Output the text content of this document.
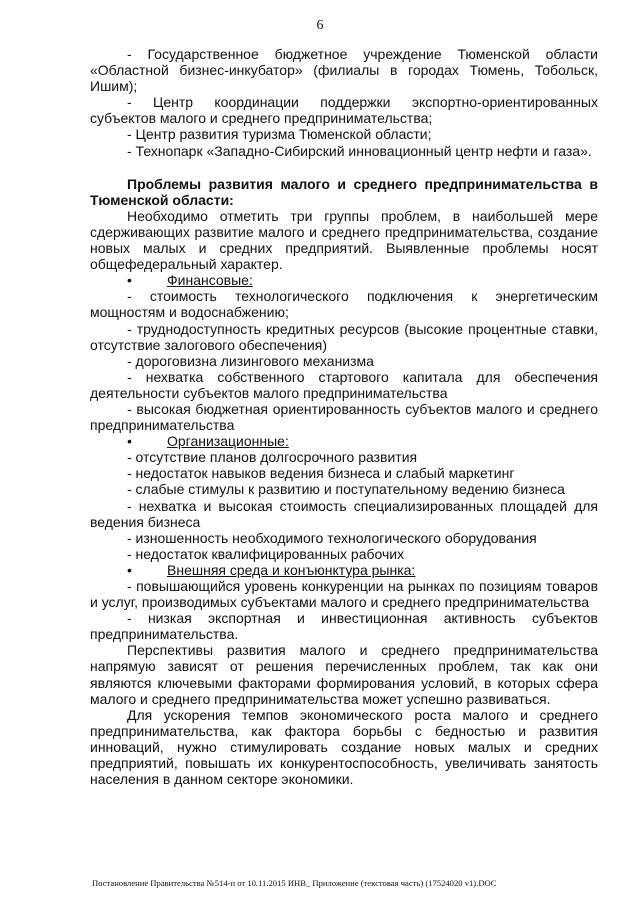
6

- Государственное бюджетное учреждение Тюменской области «Областной бизнес-инкубатор» (филиалы в городах Тюмень, Тобольск, Ишим);

- Центр координации поддержки экспортно-ориентированных субъектов малого и среднего предпринимательства;

- Центр развития туризма Тюменской области;

- Технопарк «Западно-Сибирский инновационный центр нефти и газа».

Проблемы развития малого и среднего предпринимательства в Тюменской области:

Необходимо отметить три группы проблем, в наибольшей мере сдерживающих развитие малого и среднего предпринимательства, создание новых малых и средних предприятий. Выявленные проблемы носят общефедеральный характер.

•	Финансовые:

- стоимость технологического подключения к энергетическим мощностям и водоснабжению;

- труднодоступность кредитных ресурсов (высокие процентные ставки, отсутствие залогового обеспечения)

- дороговизна лизингового механизма

- нехватка собственного стартового капитала для обеспечения деятельности субъектов малого предпринимательства

- высокая бюджетная ориентированность субъектов малого и среднего предпринимательства

•	Организационные:

- отсутствие планов долгосрочного развития

- недостаток навыков ведения бизнеса и слабый маркетинг

- слабые стимулы к развитию и поступательному ведению бизнеса

- нехватка и высокая стоимость специализированных площадей для ведения бизнеса

- изношенность необходимого технологического оборудования

- недостаток квалифицированных рабочих

•	Внешняя среда и конъюнктура рынка:

- повышающийся уровень конкуренции на рынках по позициям товаров и услуг, производимых субъектами малого и среднего предпринимательства

- низкая экспортная и инвестиционная активность субъектов предпринимательства.

Перспективы развития малого и среднего предпринимательства напрямую зависят от решения перечисленных проблем, так как они являются ключевыми факторами формирования условий, в которых сфера малого и среднего предпринимательства может успешно развиваться.

Для ускорения темпов экономического роста малого и среднего предпринимательства, как фактора борьбы с бедностью и развития инноваций, нужно стимулировать создание новых малых и средних предприятий, повышать их конкурентоспособность, увеличивать занятость населения в данном секторе экономики.

Постановление Правительства №514-п от 10.11.2015 ИНВ_ Приложение (текстовая часть) (17524020 v1).DOC
